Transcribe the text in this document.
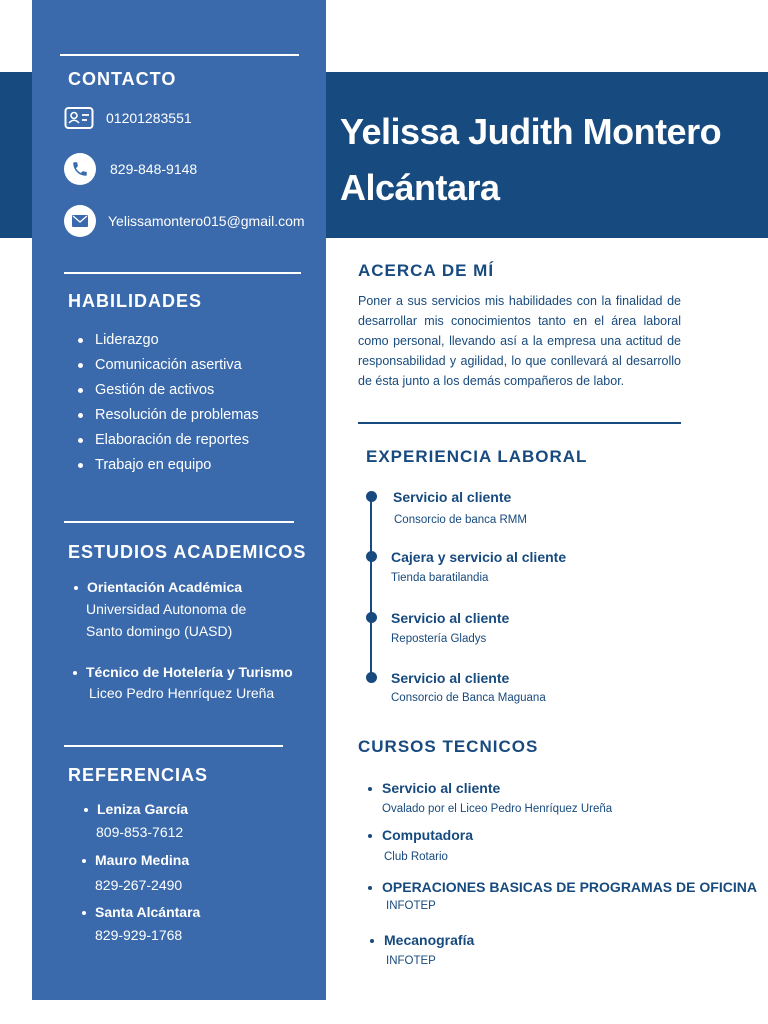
CONTACTO
01201283551
829-848-9148
Yelissamontero015@gmail.com
HABILIDADES
Liderazgo
Comunicación asertiva
Gestión de activos
Resolución de problemas
Elaboración de reportes
Trabajo en equipo
ESTUDIOS ACADEMICOS
Orientación Académica
Universidad Autonoma de
Santo domingo (UASD)
Técnico de Hotelería y Turismo
Liceo Pedro Henríquez Ureña
REFERENCIAS
Leniza García
809-853-7612
Mauro Medina
829-267-2490
Santa Alcántara
829-929-1768
Yelissa Judith Montero Alcántara
ACERCA DE MÍ
Poner a sus servicios mis habilidades con la finalidad de desarrollar mis conocimientos tanto en el área laboral como personal, llevando así a la empresa una actitud de responsabilidad y agilidad, lo que conllevará al desarrollo de ésta junto a los demás compañeros de labor.
EXPERIENCIA LABORAL
Servicio al cliente
Consorcio de banca RMM
Cajera y servicio al cliente
Tienda baratilandia
Servicio al cliente
Repostería Gladys
Servicio al cliente
Consorcio de Banca Maguana
CURSOS TECNICOS
Servicio al cliente
Ovalado por el Liceo Pedro Henríquez Ureña
Computadora
Club Rotario
OPERACIONES BASICAS DE PROGRAMAS DE OFICINA
INFOTEP
Mecanografía
INFOTEP
